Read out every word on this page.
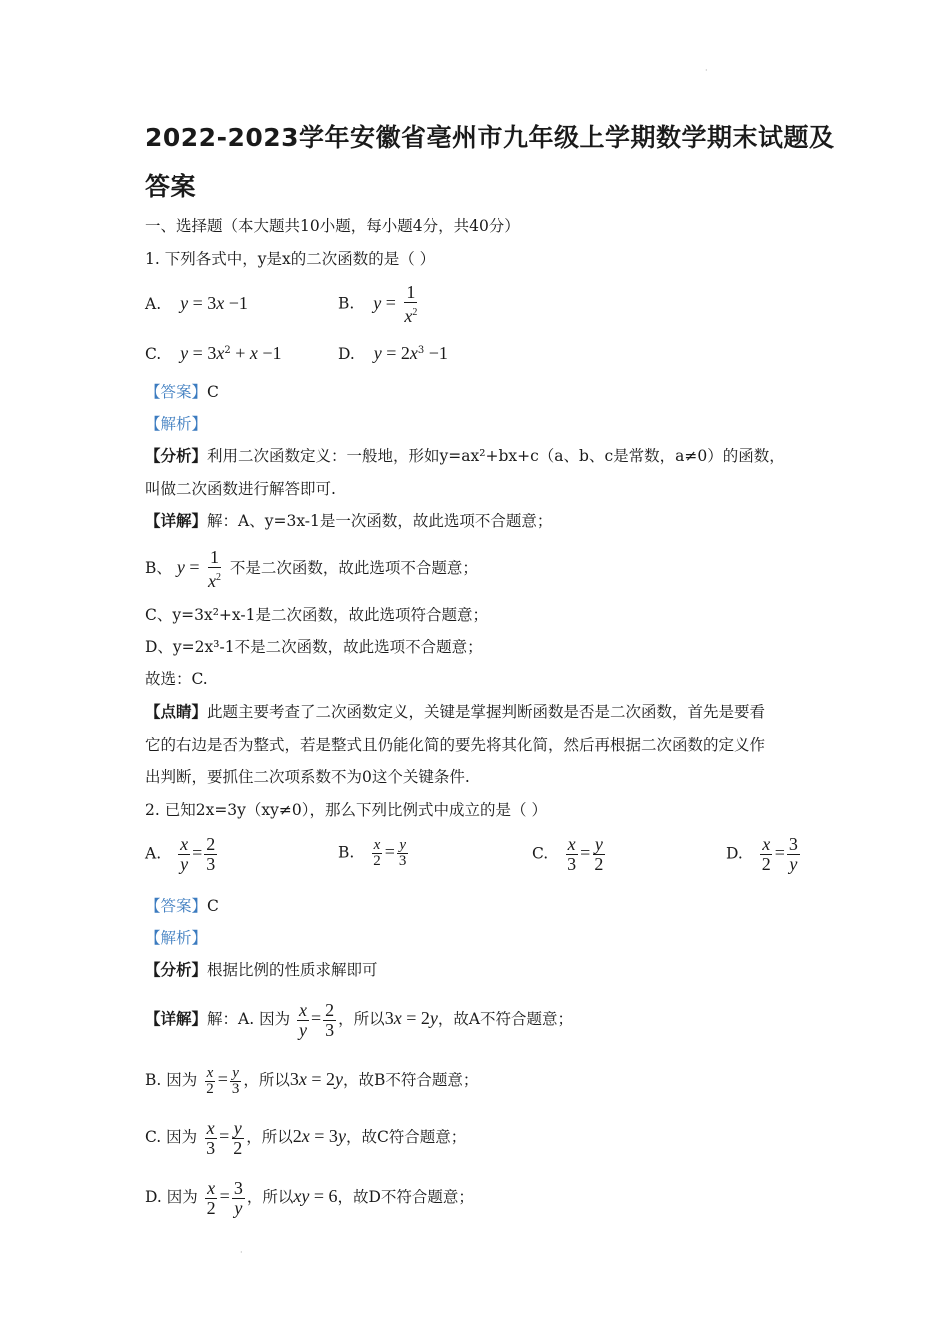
2022-2023学年安徽省亳州市九年级上学期数学期末试题及
答案
一、选择题（本大题共10小题，每小题4分，共40分）
1. 下列各式中，y是x的二次函数的是（ ）
A. y = 3x −1	B. $y = \frac{1}{x^2}$
C. $y = 3x^2 + x -1$	D. $y = 2x^3 -1$
【答案】C
【解析】
【分析】利用二次函数定义：一般地，形如y=ax²+bx+c（a、b、c是常数，a≠0）的函数，
叫做二次函数进行解答即可.
【详解】解：A、y=3x-1是一次函数，故此选项不合题意；
B、 $y = \frac{1}{x^2}$ 不是二次函数，故此选项不合题意；
C、y=3x²+x-1是二次函数，故此选项符合题意；
D、y=2x³-1不是二次函数，故此选项不合题意；
故选：C.
【点睛】此题主要考查了二次函数定义，关键是掌握判断函数是否是二次函数，首先是要看
它的右边是否为整式，若是整式且仍能化简的要先将其化简，然后再根据二次函数的定义作
出判断，要抓住二次项系数不为0这个关键条件.
2. 已知2x=3y（xy≠0），那么下列比例式中成立的是（ ）
A. $\frac{x}{y} = \frac{2}{3}$	B. $\frac{x}{2} = \frac{y}{3}$	C. $\frac{x}{3} = \frac{y}{2}$	D. $\frac{x}{2} = \frac{3}{y}$
【答案】C
【解析】
【分析】根据比例的性质求解即可
【详解】解：A. 因为 $\frac{x}{y} = \frac{2}{3}$ ，所以3x = 2y，故A不符合题意；
B. 因为 $\frac{x}{2} = \frac{y}{3}$ ，所以3x = 2y，故B不符合题意；
C. 因为 $\frac{x}{3} = \frac{y}{2}$ ，所以2x = 3y，故C符合题意；
D. 因为 $\frac{x}{2} = \frac{3}{y}$ ，所以xy = 6，故D不符合题意；
·
·
